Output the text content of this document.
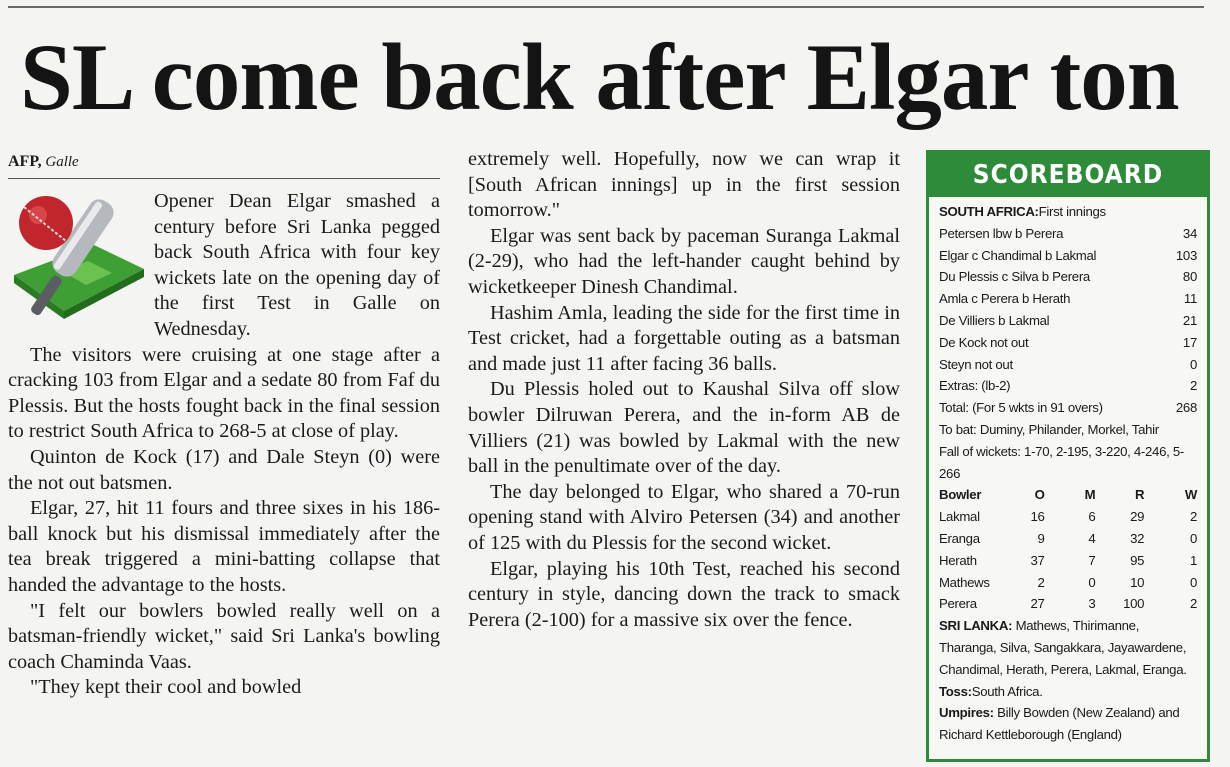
SL come back after Elgar ton
AFP, Galle

Opener Dean Elgar smashed a century before Sri Lanka pegged back South Africa with four key wickets late on the opening day of the first Test in Galle on Wednesday.

The visitors were cruising at one stage after a cracking 103 from Elgar and a sedate 80 from Faf du Plessis. But the hosts fought back in the final session to restrict South Africa to 268-5 at close of play.

Quinton de Kock (17) and Dale Steyn (0) were the not out batsmen.

Elgar, 27, hit 11 fours and three sixes in his 186-ball knock but his dismissal immediately after the tea break triggered a mini-batting collapse that handed the advantage to the hosts.

"I felt our bowlers bowled really well on a batsman-friendly wicket," said Sri Lanka's bowling coach Chaminda Vaas.

"They kept their cool and bowled

extremely well. Hopefully, now we can wrap it [South African innings] up in the first session tomorrow."

Elgar was sent back by paceman Suranga Lakmal (2-29), who had the left-hander caught behind by wicketkeeper Dinesh Chandimal.

Hashim Amla, leading the side for the first time in Test cricket, had a forgettable outing as a batsman and made just 11 after facing 36 balls.

Du Plessis holed out to Kaushal Silva off slow bowler Dilruwan Perera, and the in-form AB de Villiers (21) was bowled by Lakmal with the new ball in the penultimate over of the day.

The day belonged to Elgar, who shared a 70-run opening stand with Alviro Petersen (34) and another of 125 with du Plessis for the second wicket.

Elgar, playing his 10th Test, reached his second century in style, dancing down the track to smack Perera (2-100) for a massive six over the fence.

SCOREBOARD
SOUTH AFRICA:First innings
Petersen lbw b Perera	34
Elgar c Chandimal b Lakmal	103
Du Plessis c Silva b Perera	80
Amla c Perera b Herath	11
De Villiers b Lakmal	21
De Kock not out	17
Steyn not out	0
Extras: (lb-2)	2
Total: (For 5 wkts in 91 overs)	268

To bat: Duminy, Philander, Morkel, Tahir

Fall of wickets: 1-70, 2-195, 3-220, 4-246, 5-266

Bowler	O	M	R	W
Lakmal	16	6	29	2
Eranga	9	4	32	0
Herath	37	7	95	1
Mathews	2	0	10	0
Perera	27	3	100	2

SRI LANKA: Mathews, Thirimanne, Tharanga, Silva, Sangakkara, Jayawardene, Chandimal, Herath, Perera, Lakmal, Eranga.

Toss:South Africa.

Umpires: Billy Bowden (New Zealand) and Richard Kettleborough (England)
